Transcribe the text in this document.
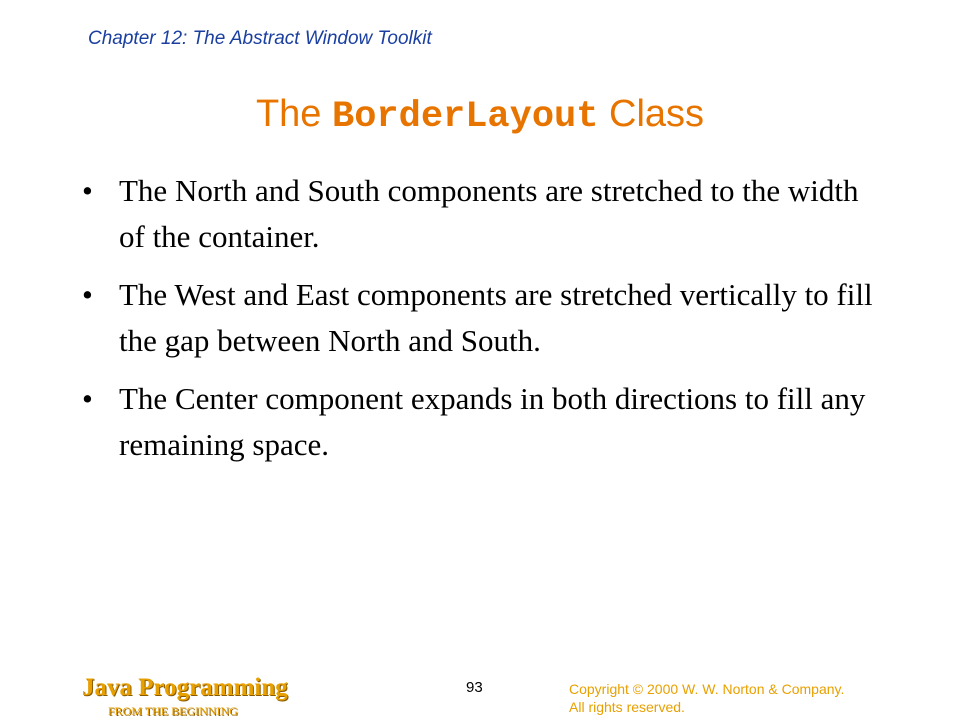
Chapter 12: The Abstract Window Toolkit
The BorderLayout Class
• The North and South components are stretched to the width of the container.
• The West and East components are stretched vertically to fill the gap between North and South.
• The Center component expands in both directions to fill any remaining space.
Java Programming
FROM THE BEGINNING
93	Copyright © 2000 W. W. Norton & Company.
All rights reserved.
